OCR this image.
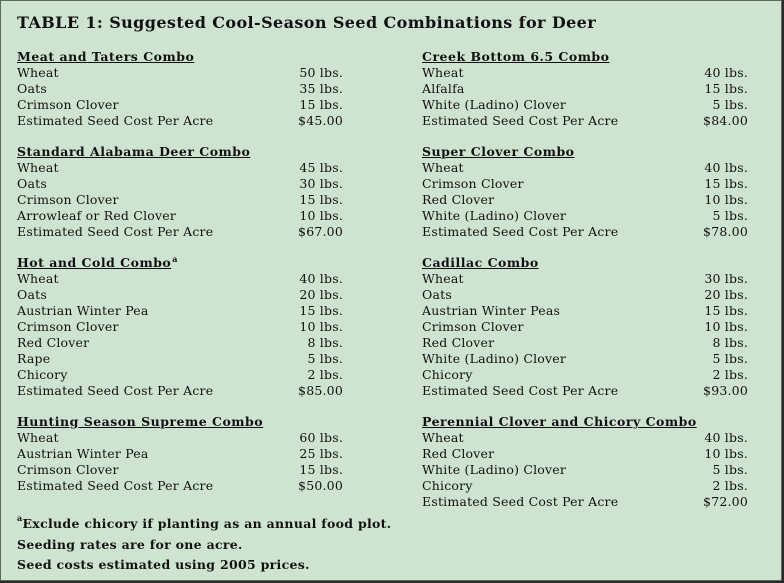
TABLE 1: Suggested Cool-Season Seed Combinations for Deer
Meat and Taters Combo
Wheat	50 lbs.
Oats	35 lbs.
Crimson Clover	15 lbs.
Estimated Seed Cost Per Acre	$45.00
Standard Alabama Deer Combo
Wheat	45 lbs.
Oats	30 lbs.
Crimson Clover	15 lbs.
Arrowleaf or Red Clover	10 lbs.
Estimated Seed Cost Per Acre	$67.00
Hot and Cold Combo$^a$
Wheat	40 lbs.
Oats	20 lbs.
Austrian Winter Pea	15 lbs.
Crimson Clover	10 lbs.
Red Clover	8 lbs.
Rape	5 lbs.
Chicory	2 lbs.
Estimated Seed Cost Per Acre	$85.00
Hunting Season Supreme Combo
Wheat	60 lbs.
Austrian Winter Pea	25 lbs.
Crimson Clover	15 lbs.
Estimated Seed Cost Per Acre	$50.00
Creek Bottom 6.5 Combo
Wheat	40 lbs.
Alfalfa	15 lbs.
White (Ladino) Clover	5 lbs.
Estimated Seed Cost Per Acre	$84.00
Super Clover Combo
Wheat	40 lbs.
Crimson Clover	15 lbs.
Red Clover	10 lbs.
White (Ladino) Clover	5 lbs.
Estimated Seed Cost Per Acre	$78.00
Cadillac Combo
Wheat	30 lbs.
Oats	20 lbs.
Austrian Winter Peas	15 lbs.
Crimson Clover	10 lbs.
Red Clover	8 lbs.
White (Ladino) Clover	5 lbs.
Chicory	2 lbs.
Estimated Seed Cost Per Acre	$93.00
Perennial Clover and Chicory Combo
Wheat	40 lbs.
Red Clover	10 lbs.
White (Ladino) Clover	5 lbs.
Chicory	2 lbs.
Estimated Seed Cost Per Acre	$72.00
$^a$Exclude chicory if planting as an annual food plot.
Seeding rates are for one acre.
Seed costs estimated using 2005 prices.
